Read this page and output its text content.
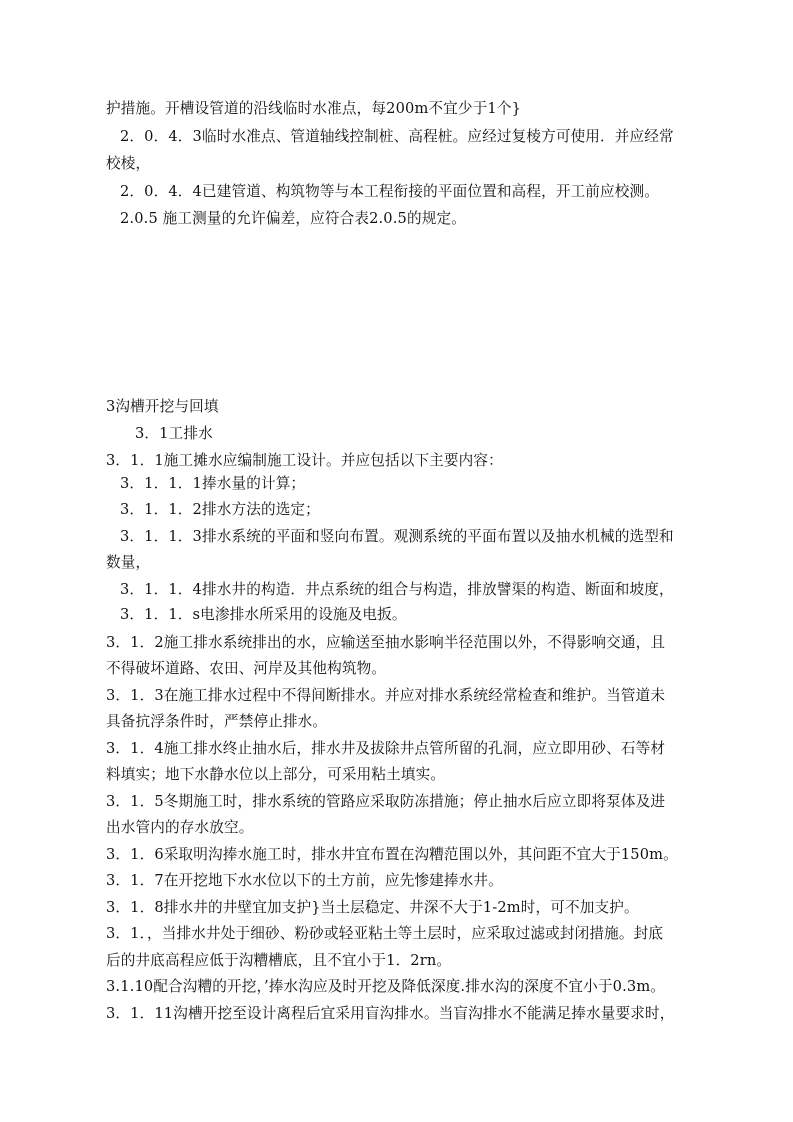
护措施。开槽设管道的沿线临时水准点，每200m不宜少于1个}
2．0．4．3临时水准点、管道轴线控制桩、高程桩。应经过复棱方可使用．并应经常
校棱，
2．0．4．4已建管道、构筑物等与本工程衔接的平面位置和高程，开工前应校测。
2.0.5 施工测量的允许偏差，应符合表2.0.5的规定。
3沟槽开挖与回填
3．1工排水
3．1．1施工摊水应编制施工设计。并应包括以下主要内容：
3．1．1．1捧水量的计算；
3．1．1．2排水方法的选定；
3．1．1．3排水系统的平面和竖向布置。观测系统的平面布置以及抽水机械的选型和
数量，
3．1．1．4排水井的构造．井点系统的组合与构造，排放譬渠的构造、断面和坡度，
3．1．1．s电渗排水所采用的设施及电扳。
3．1．2施工排水系统排出的水，应输送至抽水影响半径范围以外，不得影响交通，且
不得破坏道路、农田、河岸及其他构筑物。
3．1．3在施工排水过程中不得间断排水。并应对排水系统经常检查和维护。当管道未
具备抗浮条件时，严禁停止排水。
3．1．4施工排水终止抽水后，排水井及拔除井点管所留的孔洞，应立即用砂、石等材
料填实；地下水静水位以上部分，可采用粘土填实。
3．1．5冬期施工时，排水系统的管路应采取防冻措施；停止抽水后应立即将泵体及进
出水管内的存水放空。
3．1．6采取明沟捧水施工时，排水井宜布置在沟糟范围以外，其问距不宜大于150m。
3．1．7在开挖地下水水位以下的土方前，应先惨建捧水井。
3．1．8排水井的井壁宜加支护}当土层稳定、井深不大于1-2m时，可不加支护。
3．1．，当排水井处于细砂、粉砂或轻亚粘土等土层时，应采取过滤或封闭措施。封底
后的井底高程应低于沟糟槽底，且不宜小于1．2rn。
3.1.10配合沟糟的开挖，’捧水沟应及时开挖及降低深度.排水沟的深度不宜小于0.3m。
3．1．11沟槽开挖至设计离程后宜采用盲沟排水。当盲沟排水不能满足捧水量要求时，
